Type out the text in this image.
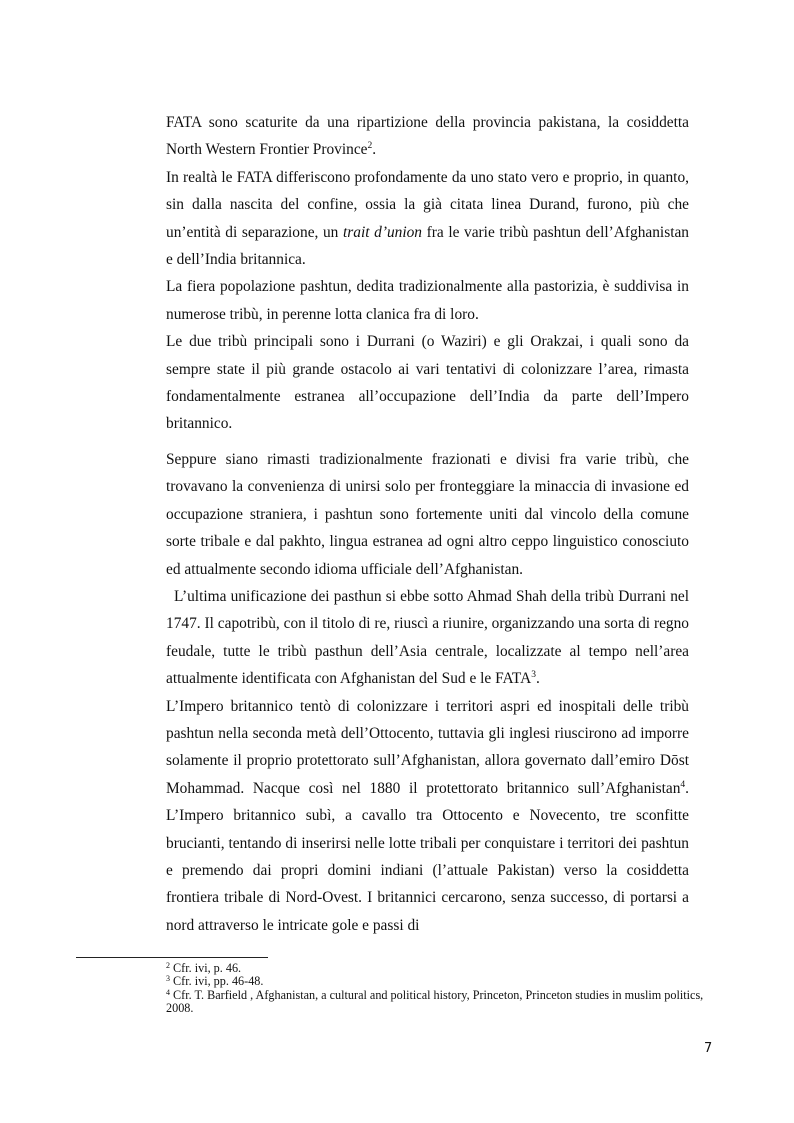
FATA sono scaturite da una ripartizione della provincia pakistana, la cosiddetta North Western Frontier Province$^2$.

In realtà le FATA differiscono profondamente da uno stato vero e proprio, in quanto, sin dalla nascita del confine, ossia la già citata linea Durand, furono, più che un’entità di separazione, un trait d’union fra le varie tribù pashtun dell’Afghanistan e dell’India britannica.

La fiera popolazione pashtun, dedita tradizionalmente alla pastorizia, è suddivisa in numerose tribù, in perenne lotta clanica fra di loro.

Le due tribù principali sono i Durrani (o Waziri) e gli Orakzai, i quali sono da sempre state il più grande ostacolo ai vari tentativi di colonizzare l’area, rimasta fondamentalmente estranea all’occupazione dell’India da parte dell’Impero britannico.

Seppure siano rimasti tradizionalmente frazionati e divisi fra varie tribù, che trovavano la convenienza di unirsi solo per fronteggiare la minaccia di invasione ed occupazione straniera, i pashtun sono fortemente uniti dal vincolo della comune sorte tribale e dal pakhto, lingua estranea ad ogni altro ceppo linguistico conosciuto ed attualmente secondo idioma ufficiale dell’Afghanistan.

L’ultima unificazione dei pasthun si ebbe sotto Ahmad Shah della tribù Durrani nel 1747. Il capotribù, con il titolo di re, riuscì a riunire, organizzando una sorta di regno feudale, tutte le tribù pasthun dell’Asia centrale, localizzate al tempo nell’area attualmente identificata con Afghanistan del Sud e le FATA$^3$.

L’Impero britannico tentò di colonizzare i territori aspri ed inospitali delle tribù pashtun nella seconda metà dell’Ottocento, tuttavia gli inglesi riuscirono ad imporre solamente il proprio protettorato sull’Afghanistan, allora governato dall’emiro Dōst Mohammad. Nacque così nel 1880 il protettorato britannico sull’Afghanistan$^4$. L’Impero britannico subì, a cavallo tra Ottocento e Novecento, tre sconfitte brucianti, tentando di inserirsi nelle lotte tribali per conquistare i territori dei pashtun e premendo dai propri domini indiani (l’attuale Pakistan) verso la cosiddetta frontiera tribale di Nord-Ovest. I britannici cercarono, senza successo, di portarsi a nord attraverso le intricate gole e passi di

$^2$ Cfr. ivi, p. 46.

$^3$ Cfr. ivi, pp. 46-48.

$^4$ Cfr. T. Barfield , Afghanistan, a cultural and political history, Princeton, Princeton studies in muslim politics, 2008.

7
